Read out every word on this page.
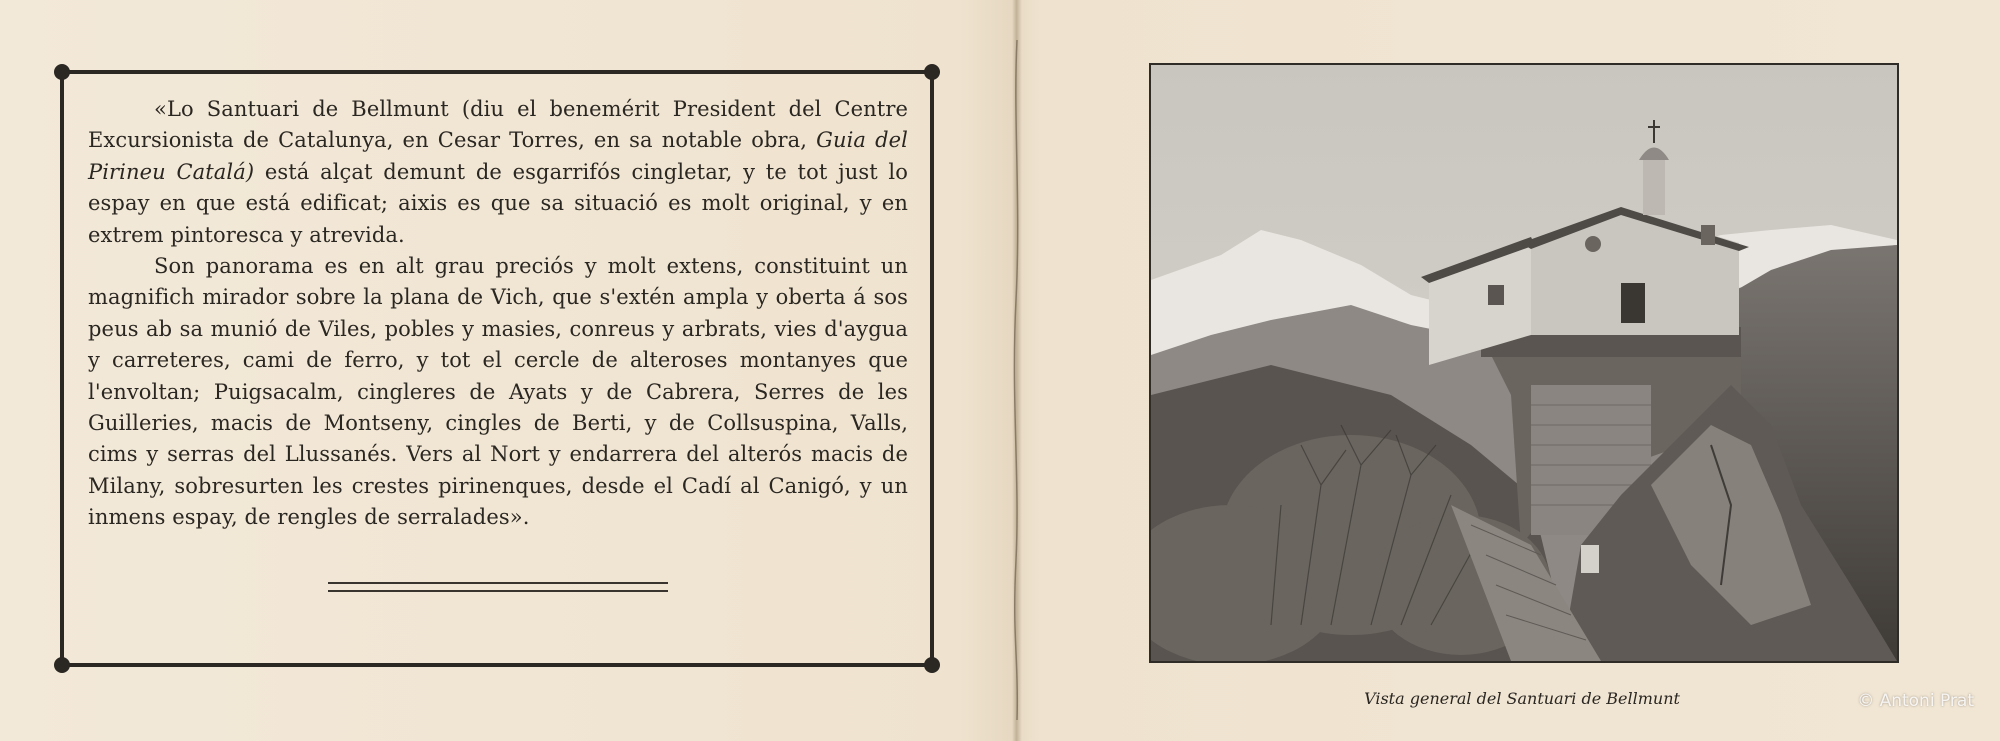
«Lo Santuari de Bellmunt (diu el benemérit President del Centre Excursionista de Catalunya, en Cesar Torres, en sa notable obra, Guia del Pirineu Catalá) está alçat demunt de esgarrifós cingletar, y te tot just lo espay en que está edificat; aixis es que sa situació es molt original, y en extrem pintoresca y atrevida.

Son panorama es en alt grau preciós y molt extens, constituint un magnifich mirador sobre la plana de Vich, que s'extén ampla y oberta á sos peus ab sa munió de Viles, pobles y masies, conreus y arbrats, vies d'aygua y carreteres, cami de ferro, y tot el cercle de alteroses montanyes que l'envoltan; Puigsacalm, cingleres de Ayats y de Cabrera, Serres de les Guilleries, macis de Montseny, cingles de Berti, y de Collsuspina, Valls, cims y serras del Llussanés. Vers al Nort y endarrera del alterós macis de Milany, sobresurten les crestes pirinenques, desde el Cadí al Canigó, y un inmens espay, de rengles de serralades».

Vista general del Santuari de Bellmunt	© Antoni Prat
